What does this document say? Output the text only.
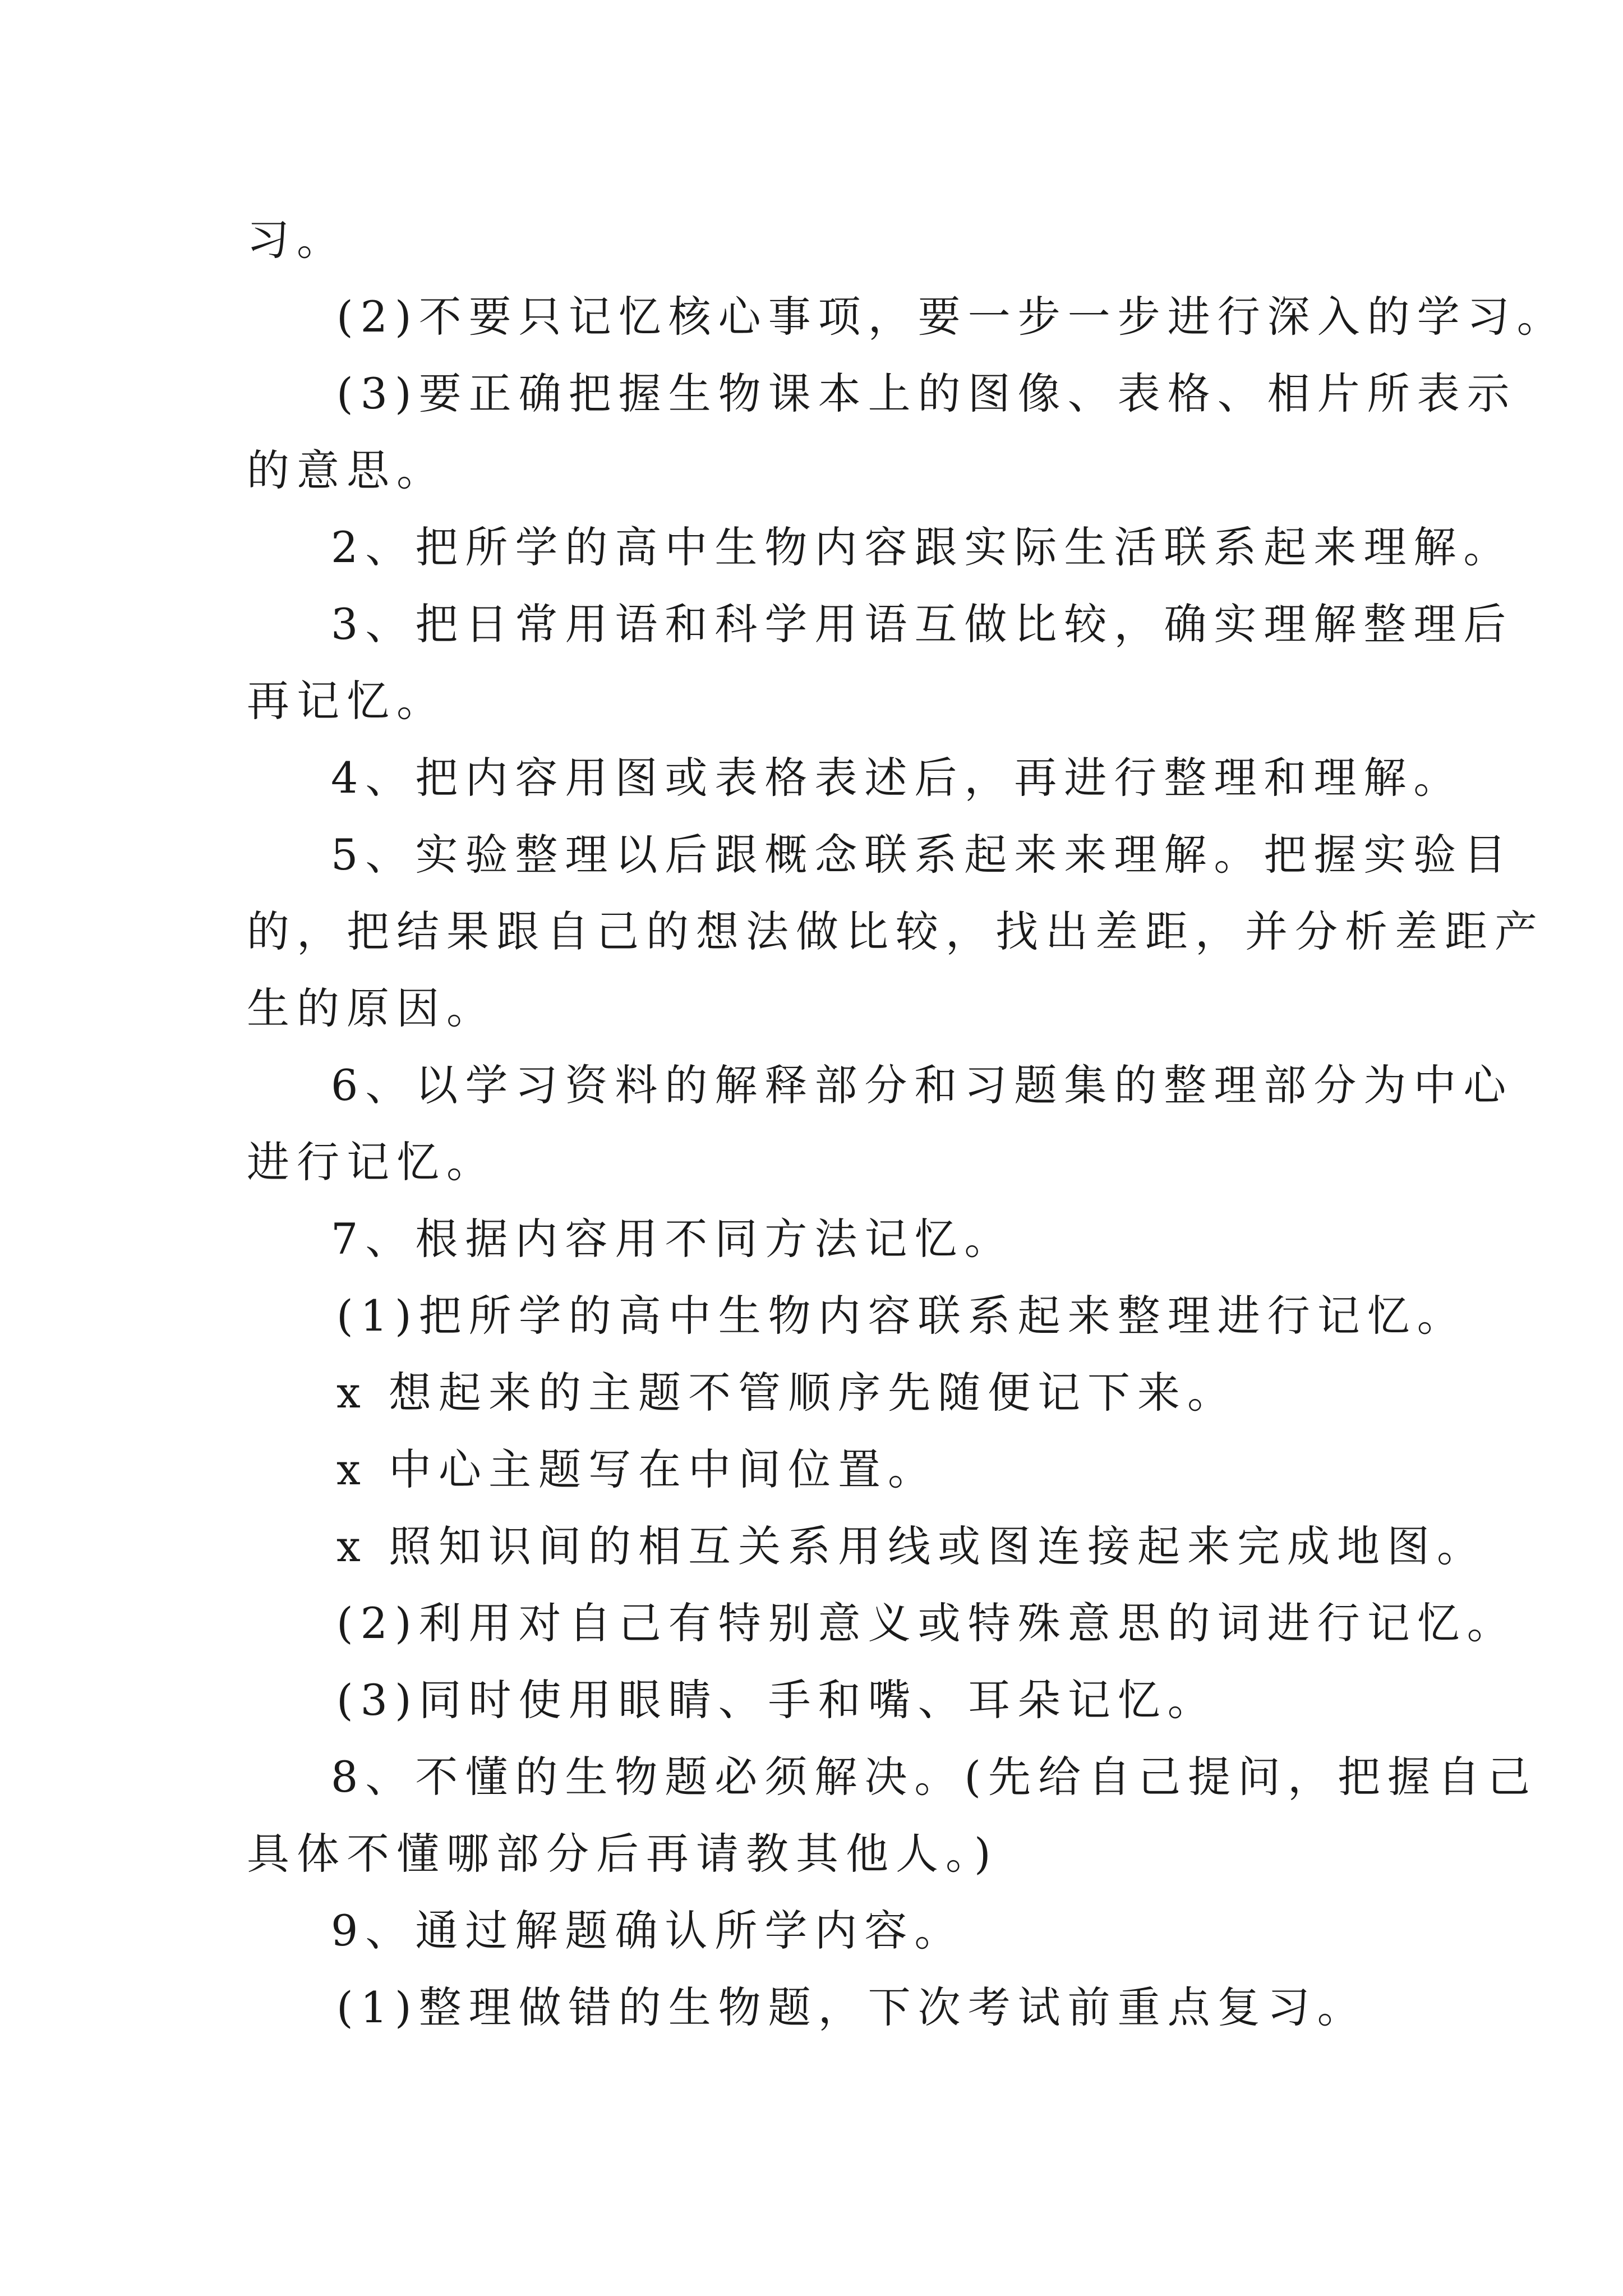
习。
(2)不要只记忆核心事项，要一步一步进行深入的学习。
(3)要正确把握生物课本上的图像、表格、相片所表示
的意思。
2、把所学的高中生物内容跟实际生活联系起来理解。
3、把日常用语和科学用语互做比较，确实理解整理后
再记忆。
4、把内容用图或表格表述后，再进行整理和理解。
5、实验整理以后跟概念联系起来来理解。把握实验目
的，把结果跟自己的想法做比较，找出差距，并分析差距产
生的原因。
6、以学习资料的解释部分和习题集的整理部分为中心
进行记忆。
7、根据内容用不同方法记忆。
(1)把所学的高中生物内容联系起来整理进行记忆。
x 想起来的主题不管顺序先随便记下来。
x 中心主题写在中间位置。
x 照知识间的相互关系用线或图连接起来完成地图。
(2)利用对自己有特别意义或特殊意思的词进行记忆。
(3)同时使用眼睛、手和嘴、耳朵记忆。
8、不懂的生物题必须解决。(先给自己提问，把握自己
具体不懂哪部分后再请教其他人。)
9、通过解题确认所学内容。
(1)整理做错的生物题，下次考试前重点复习。
